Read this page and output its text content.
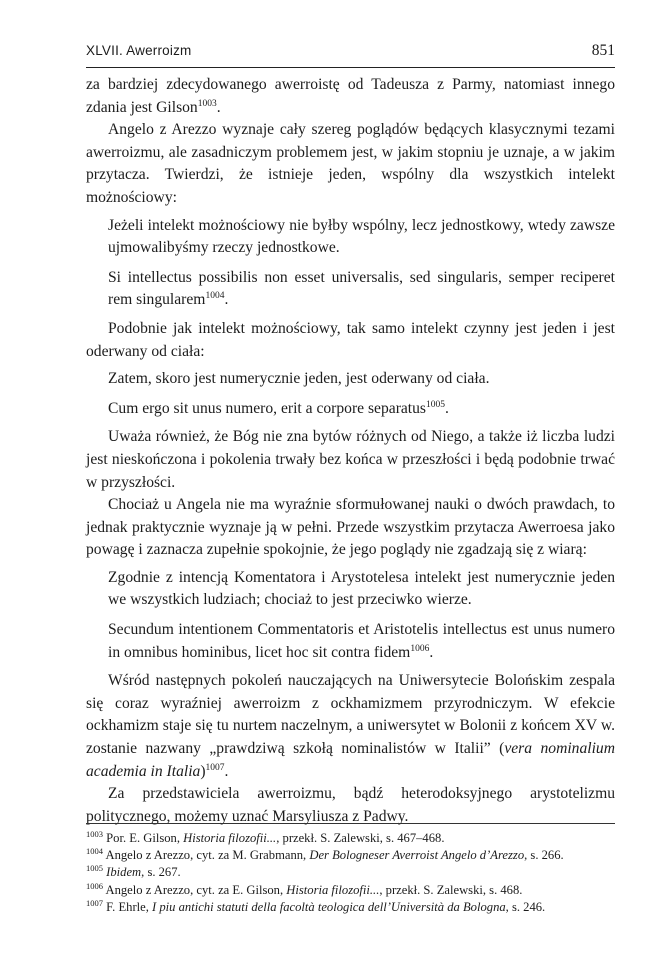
XLVII. Awerroizm	851

za bardziej zdecydowanego awerroistę od Tadeusza z Parmy, natomiast innego zdania jest Gilson$^{1003}$.

Angelo z Arezzo wyznaje cały szereg poglądów będących klasycznymi tezami awerroizmu, ale zasadniczym problemem jest, w jakim stopniu je uznaje, a w jakim przytacza. Twierdzi, że istnieje jeden, wspólny dla wszystkich intelekt możnościowy:

Jeżeli intelekt możnościowy nie byłby wspólny, lecz jednostkowy, wtedy zawsze ujmowalibyśmy rzeczy jednostkowe.

Si intellectus possibilis non esset universalis, sed singularis, semper reciperet rem singularem$^{1004}$.

Podobnie jak intelekt możnościowy, tak samo intelekt czynny jest jeden i jest oderwany od ciała:

Zatem, skoro jest numerycznie jeden, jest oderwany od ciała.

Cum ergo sit unus numero, erit a corpore separatus$^{1005}$.

Uważa również, że Bóg nie zna bytów różnych od Niego, a także iż liczba ludzi jest nieskończona i pokolenia trwały bez końca w przeszłości i będą podobnie trwać w przyszłości.

Chociaż u Angela nie ma wyraźnie sformułowanej nauki o dwóch prawdach, to jednak praktycznie wyznaje ją w pełni. Przede wszystkim przytacza Awerroesa jako powagę i zaznacza zupełnie spokojnie, że jego poglądy nie zgadzają się z wiarą:

Zgodnie z intencją Komentatora i Arystotelesa intelekt jest numerycznie jeden we wszystkich ludziach; chociaż to jest przeciwko wierze.

Secundum intentionem Commentatoris et Aristotelis intellectus est unus numero in omnibus hominibus, licet hoc sit contra fidem$^{1006}$.

Wśród następnych pokoleń nauczających na Uniwersytecie Bolońskim zespala się coraz wyraźniej awerroizm z ockhamizmem przyrodniczym. W efekcie ockhamizm staje się tu nurtem naczelnym, a uniwersytet w Bolonii z końcem XV w. zostanie nazwany „prawdziwą szkołą nominalistów w Italii” (vera nominalium academia in Italia)$^{1007}$.

Za przedstawiciela awerroizmu, bądź heterodoksyjnego arystotelizmu politycznego, możemy uznać Marsyliusza z Padwy.

$^{1003}$ Por. E. Gilson, Historia filozofii..., przekł. S. Zalewski, s. 467–468.
$^{1004}$ Angelo z Arezzo, cyt. za M. Grabmann, Der Bologneser Averroist Angelo d’Arezzo, s. 266.
$^{1005}$ Ibidem, s. 267.
$^{1006}$ Angelo z Arezzo, cyt. za E. Gilson, Historia filozofii..., przekł. S. Zalewski, s. 468.
$^{1007}$ F. Ehrle, I piu antichi statuti della facoltà teologica dell’Università da Bologna, s. 246.
